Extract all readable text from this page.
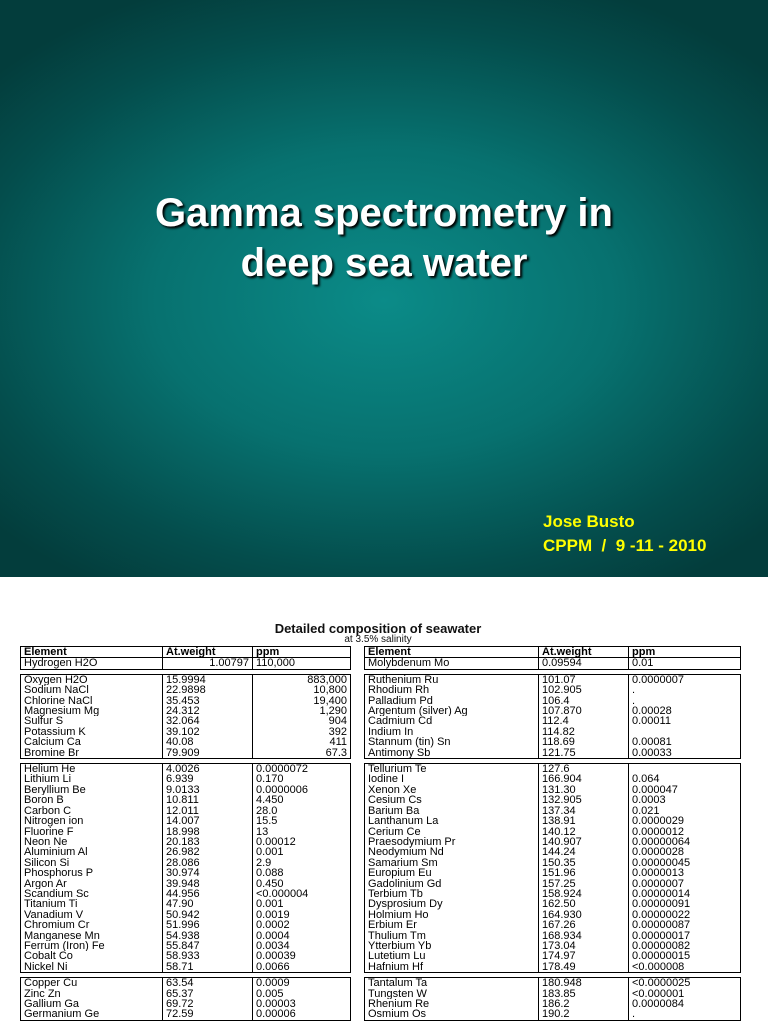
Gamma spectrometry in
deep sea water
Jose Busto
CPPM  /  9 -11 - 2010
Detailed composition of seawater
at 3.5% salinity
Element	At.weight	ppm		Element	At.weight	ppm
Hydrogen H2O	1.00797	110,000		Molybdenum Mo	0.09594	0.01

Oxygen H2O	15.9994	883,000		Ruthenium Ru	101.07	0.0000007
Sodium NaCl	22.9898	10,800		Rhodium Rh	102.905	.
Chlorine NaCl	35.453	19,400		Palladium Pd	106.4	.
Magnesium Mg	24.312	1,290		Argentum (silver) Ag	107.870	0.00028
Sulfur S	32.064	904		Cadmium Cd	112.4	0.00011
Potassium K	39.102	392		Indium In	114.82	
Calcium Ca	40.08	411		Stannum (tin) Sn	118.69	0.00081
Bromine Br	79.909	67.3		Antimony Sb	121.75	0.00033

Helium He	4.0026	0.0000072		Tellurium Te	127.6	
Lithium Li	6.939	0.170		Iodine I	166.904	0.064
Beryllium Be	9.0133	0.0000006		Xenon Xe	131.30	0.000047
Boron B	10.811	4.450		Cesium Cs	132.905	0.0003
Carbon C	12.011	28.0		Barium Ba	137.34	0.021
Nitrogen ion	14.007	15.5		Lanthanum La	138.91	0.0000029
Fluorine F	18.998	13		Cerium Ce	140.12	0.0000012
Neon Ne	20.183	0.00012		Praesodymium Pr	140.907	0.00000064
Aluminium Al	26.982	0.001		Neodymium Nd	144.24	0.0000028
Silicon Si	28.086	2.9		Samarium Sm	150.35	0.00000045
Phosphorus P	30.974	0.088		Europium Eu	151.96	0.0000013
Argon Ar	39.948	0.450		Gadolinium Gd	157.25	0.0000007
Scandium Sc	44.956	<0.000004		Terbium Tb	158.924	0.00000014
Titanium Ti	47.90	0.001		Dysprosium Dy	162.50	0.00000091
Vanadium V	50.942	0.0019		Holmium Ho	164.930	0.00000022
Chromium Cr	51.996	0.0002		Erbium Er	167.26	0.00000087
Manganese Mn	54.938	0.0004		Thulium Tm	168.934	0.00000017
Ferrum (Iron) Fe	55.847	0.0034		Ytterbium Yb	173.04	0.00000082
Cobalt Co	58.933	0.00039		Lutetium Lu	174.97	0.00000015
Nickel Ni	58.71	0.0066		Hafnium Hf	178.49	<0.000008

Copper Cu	63.54	0.0009		Tantalum Ta	180.948	<0.0000025
Zinc Zn	65.37	0.005		Tungsten W	183.85	<0.000001
Gallium Ga	69.72	0.00003		Rhenium Re	186.2	0.0000084
Germanium Ge	72.59	0.00006		Osmium Os	190.2	.
